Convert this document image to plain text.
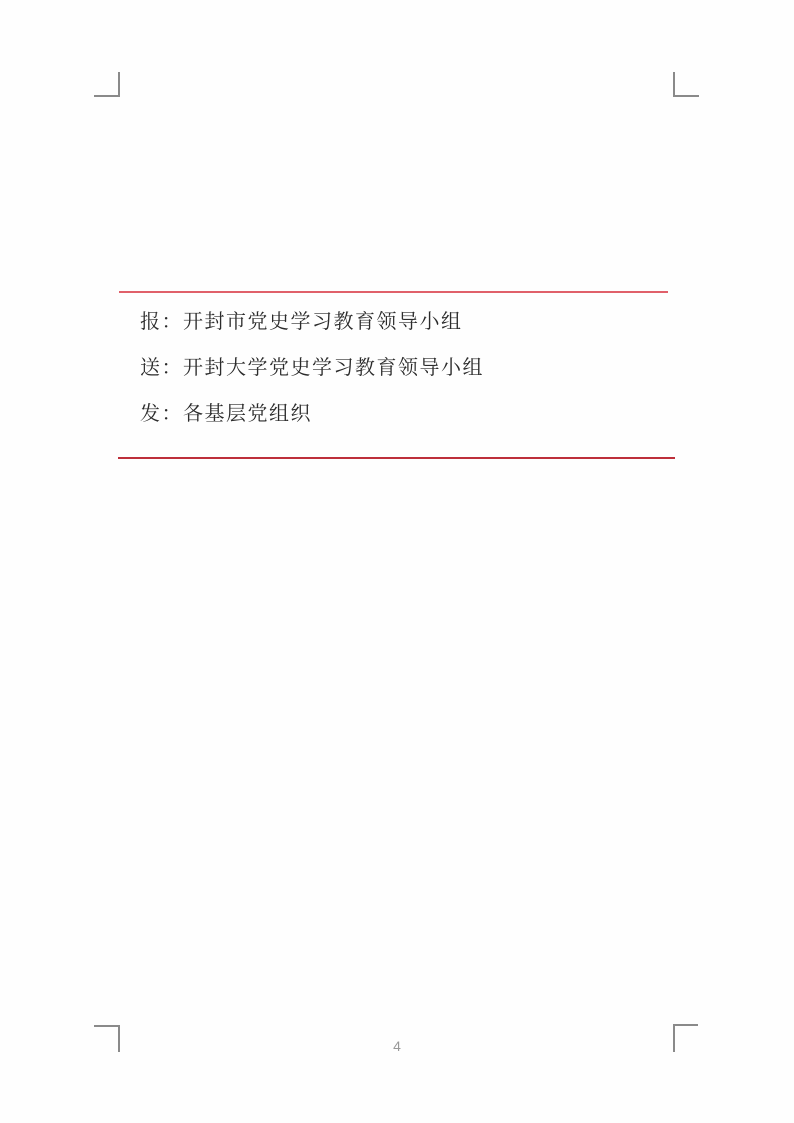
报：开封市党史学习教育领导小组
送：开封大学党史学习教育领导小组
发：各基层党组织
4
